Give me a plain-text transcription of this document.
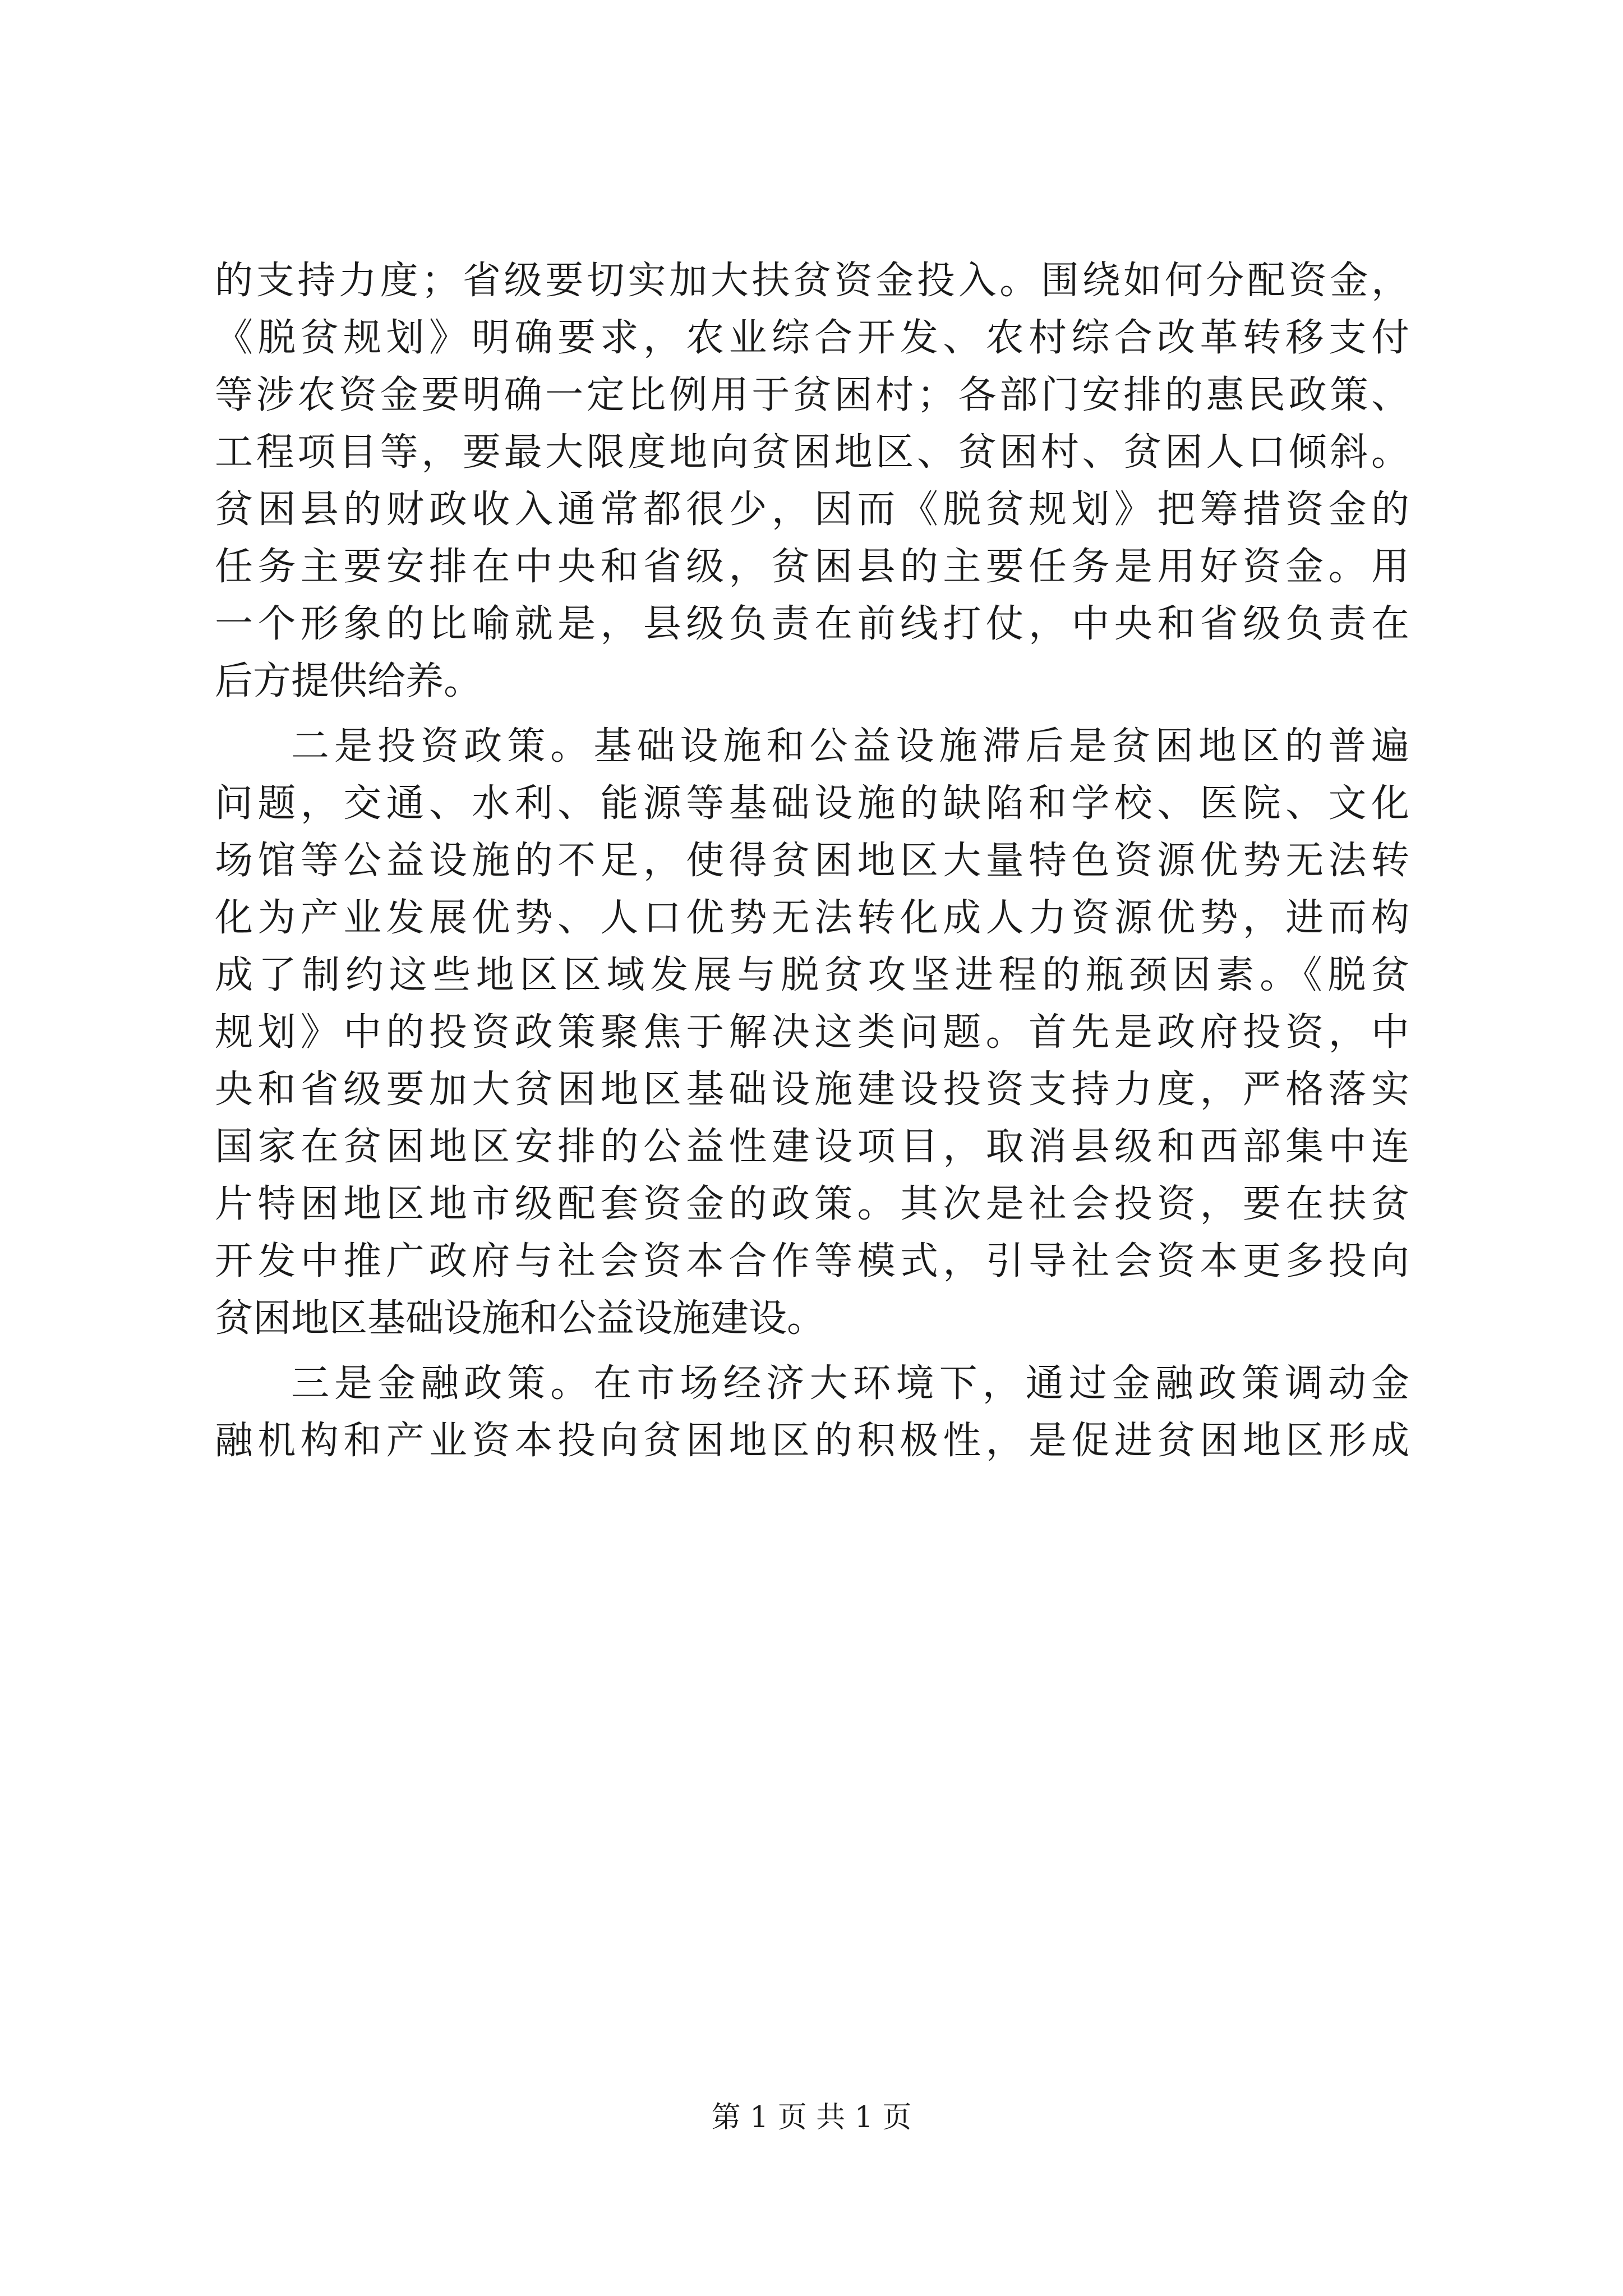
的支持力度；省级要切实加大扶贫资金投入。围绕如何分配资金，
《脱贫规划》明确要求，农业综合开发、农村综合改革转移支付
等涉农资金要明确一定比例用于贫困村；各部门安排的惠民政策、
工程项目等，要最大限度地向贫困地区、贫困村、贫困人口倾斜。
贫困县的财政收入通常都很少，因而《脱贫规划》把筹措资金的
任务主要安排在中央和省级，贫困县的主要任务是用好资金。用
一个形象的比喻就是，县级负责在前线打仗，中央和省级负责在
后方提供给养。
二是投资政策。基础设施和公益设施滞后是贫困地区的普遍
问题，交通、水利、能源等基础设施的缺陷和学校、医院、文化
场馆等公益设施的不足，使得贫困地区大量特色资源优势无法转
化为产业发展优势、人口优势无法转化成人力资源优势，进而构
成了制约这些地区区域发展与脱贫攻坚进程的瓶颈因素。《脱贫
规划》中的投资政策聚焦于解决这类问题。首先是政府投资，中
央和省级要加大贫困地区基础设施建设投资支持力度，严格落实
国家在贫困地区安排的公益性建设项目，取消县级和西部集中连
片特困地区地市级配套资金的政策。其次是社会投资，要在扶贫
开发中推广政府与社会资本合作等模式，引导社会资本更多投向
贫困地区基础设施和公益设施建设。
三是金融政策。在市场经济大环境下，通过金融政策调动金
融机构和产业资本投向贫困地区的积极性，是促进贫困地区形成
第 1 页 共 1 页
